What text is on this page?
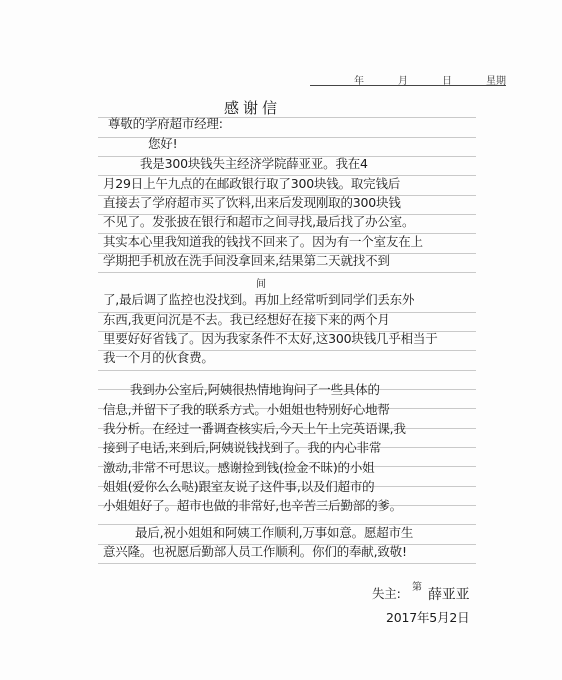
年	月	日	星期
感谢信
尊敬的学府超市经理:
您好!
我是300块钱失主经济学院薛亚亚。我在4
月29日上午九点的在邮政银行取了300块钱。取完钱后
直接去了学府超市买了饮料,出来后发现刚取的300块钱
不见了。发张披在银行和超市之间寻找,最后找了办公室。
其实本心里我知道我的钱找不回来了。因为有一个室友在上
学期把手机放在洗手间没拿回来,结果第二天就找不到
间
了,最后调了监控也没找到。再加上经常听到同学们丢东外
东西,我更问沉是不去。我已经想好在接下来的两个月
里要好好省钱了。因为我家条件不太好,这300块钱几乎相当于
我一个月的伙食费。
我到办公室后,阿姨很热情地询问了一些具体的
信息,并留下了我的联系方式。小姐姐也特别好心地帮
我分析。在经过一番调查核实后,今天上午上完英语课,我
接到了电话,来到后,阿姨说钱找到了。我的内心非常
激动,非常不可思议。感谢捡到钱(捡金不昧)的小姐
姐姐(爱你么么哒)跟室友说了这件事,以及们超市的
小姐姐好了。超市也做的非常好,也辛苦三后勤部的爹。
最后,祝小姐姐和阿姨工作顺利,万事如意。愿超市生
意兴隆。也祝愿后勤部人员工作顺利。你们的奉献,致敬!
失主: 第 薛亚亚
2017年5月2日
